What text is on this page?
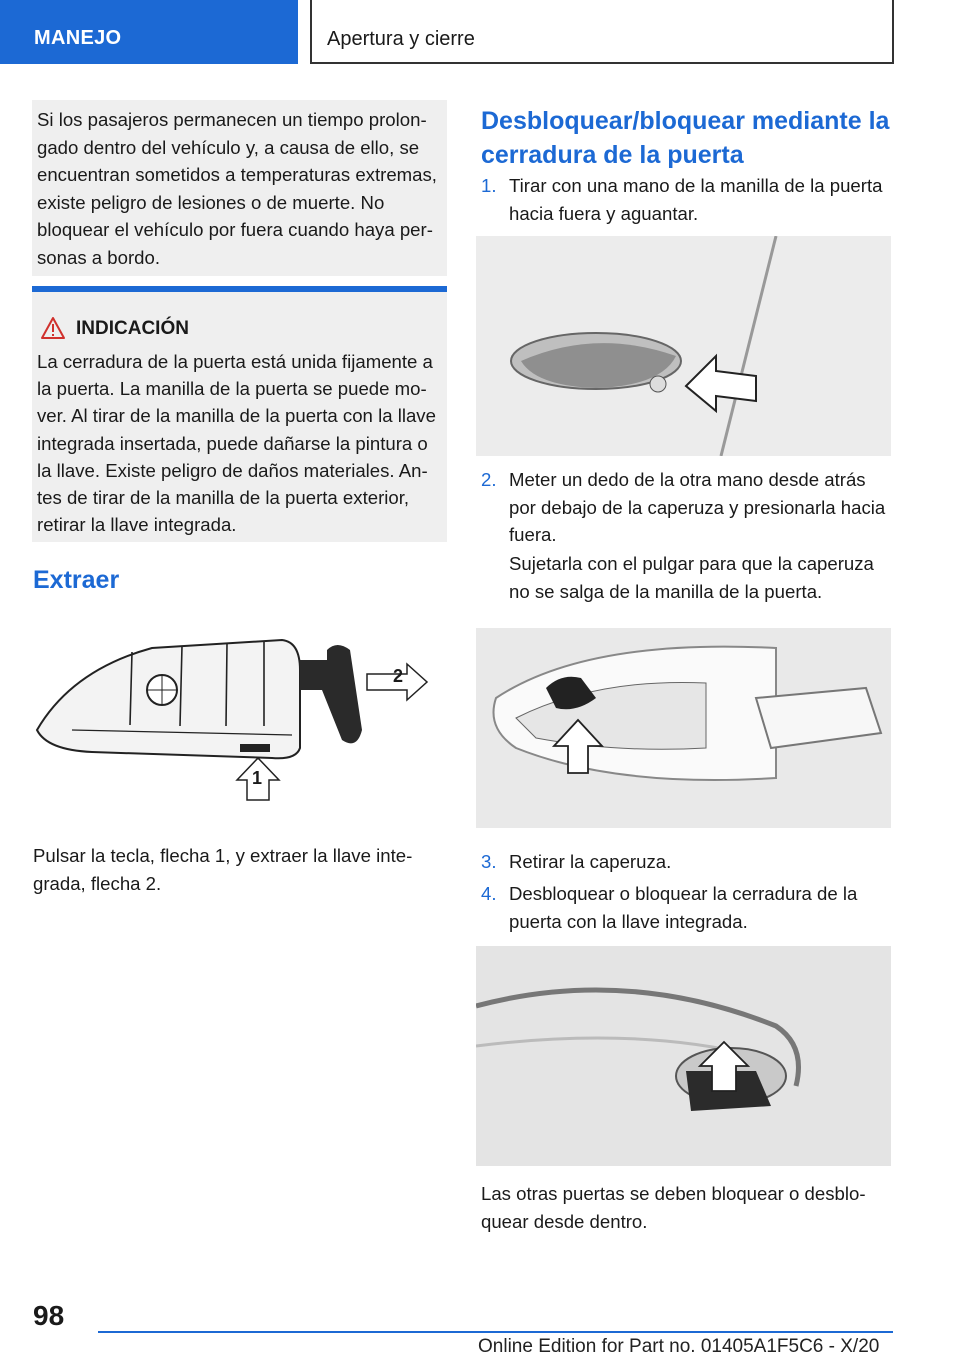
MANEJO	Apertura y cierre

Si los pasajeros permanecen un tiempo prolongado dentro del vehículo y, a causa de ello, se encuentran sometidos a temperaturas extremas, existe peligro de lesiones o de muerte. No bloquear el vehículo por fuera cuando haya personas a bordo.

INDICACIÓN

La cerradura de la puerta está unida fijamente a la puerta. La manilla de la puerta se puede mover. Al tirar de la manilla de la puerta con la llave integrada insertada, puede dañarse la pintura o la llave. Existe peligro de daños materiales. Antes de tirar de la manilla de la puerta exterior, retirar la llave integrada.

Extraer
2
1

Pulsar la tecla, flecha 1, y extraer la llave integrada, flecha 2.

Desbloquear/bloquear mediante la cerradura de la puerta
1. Tirar con una mano de la manilla de la puerta hacia fuera y aguantar.
2. Meter un dedo de la otra mano desde atrás por debajo de la caperuza y presionarla hacia fuera.
Sujetarla con el pulgar para que la caperuza no se salga de la manilla de la puerta.
3. Retirar la caperuza.
4. Desbloquear o bloquear la cerradura de la puerta con la llave integrada.

Las otras puertas se deben bloquear o desbloquear desde dentro.

98
Online Edition for Part no. 01405A1F5C6 - X/20
